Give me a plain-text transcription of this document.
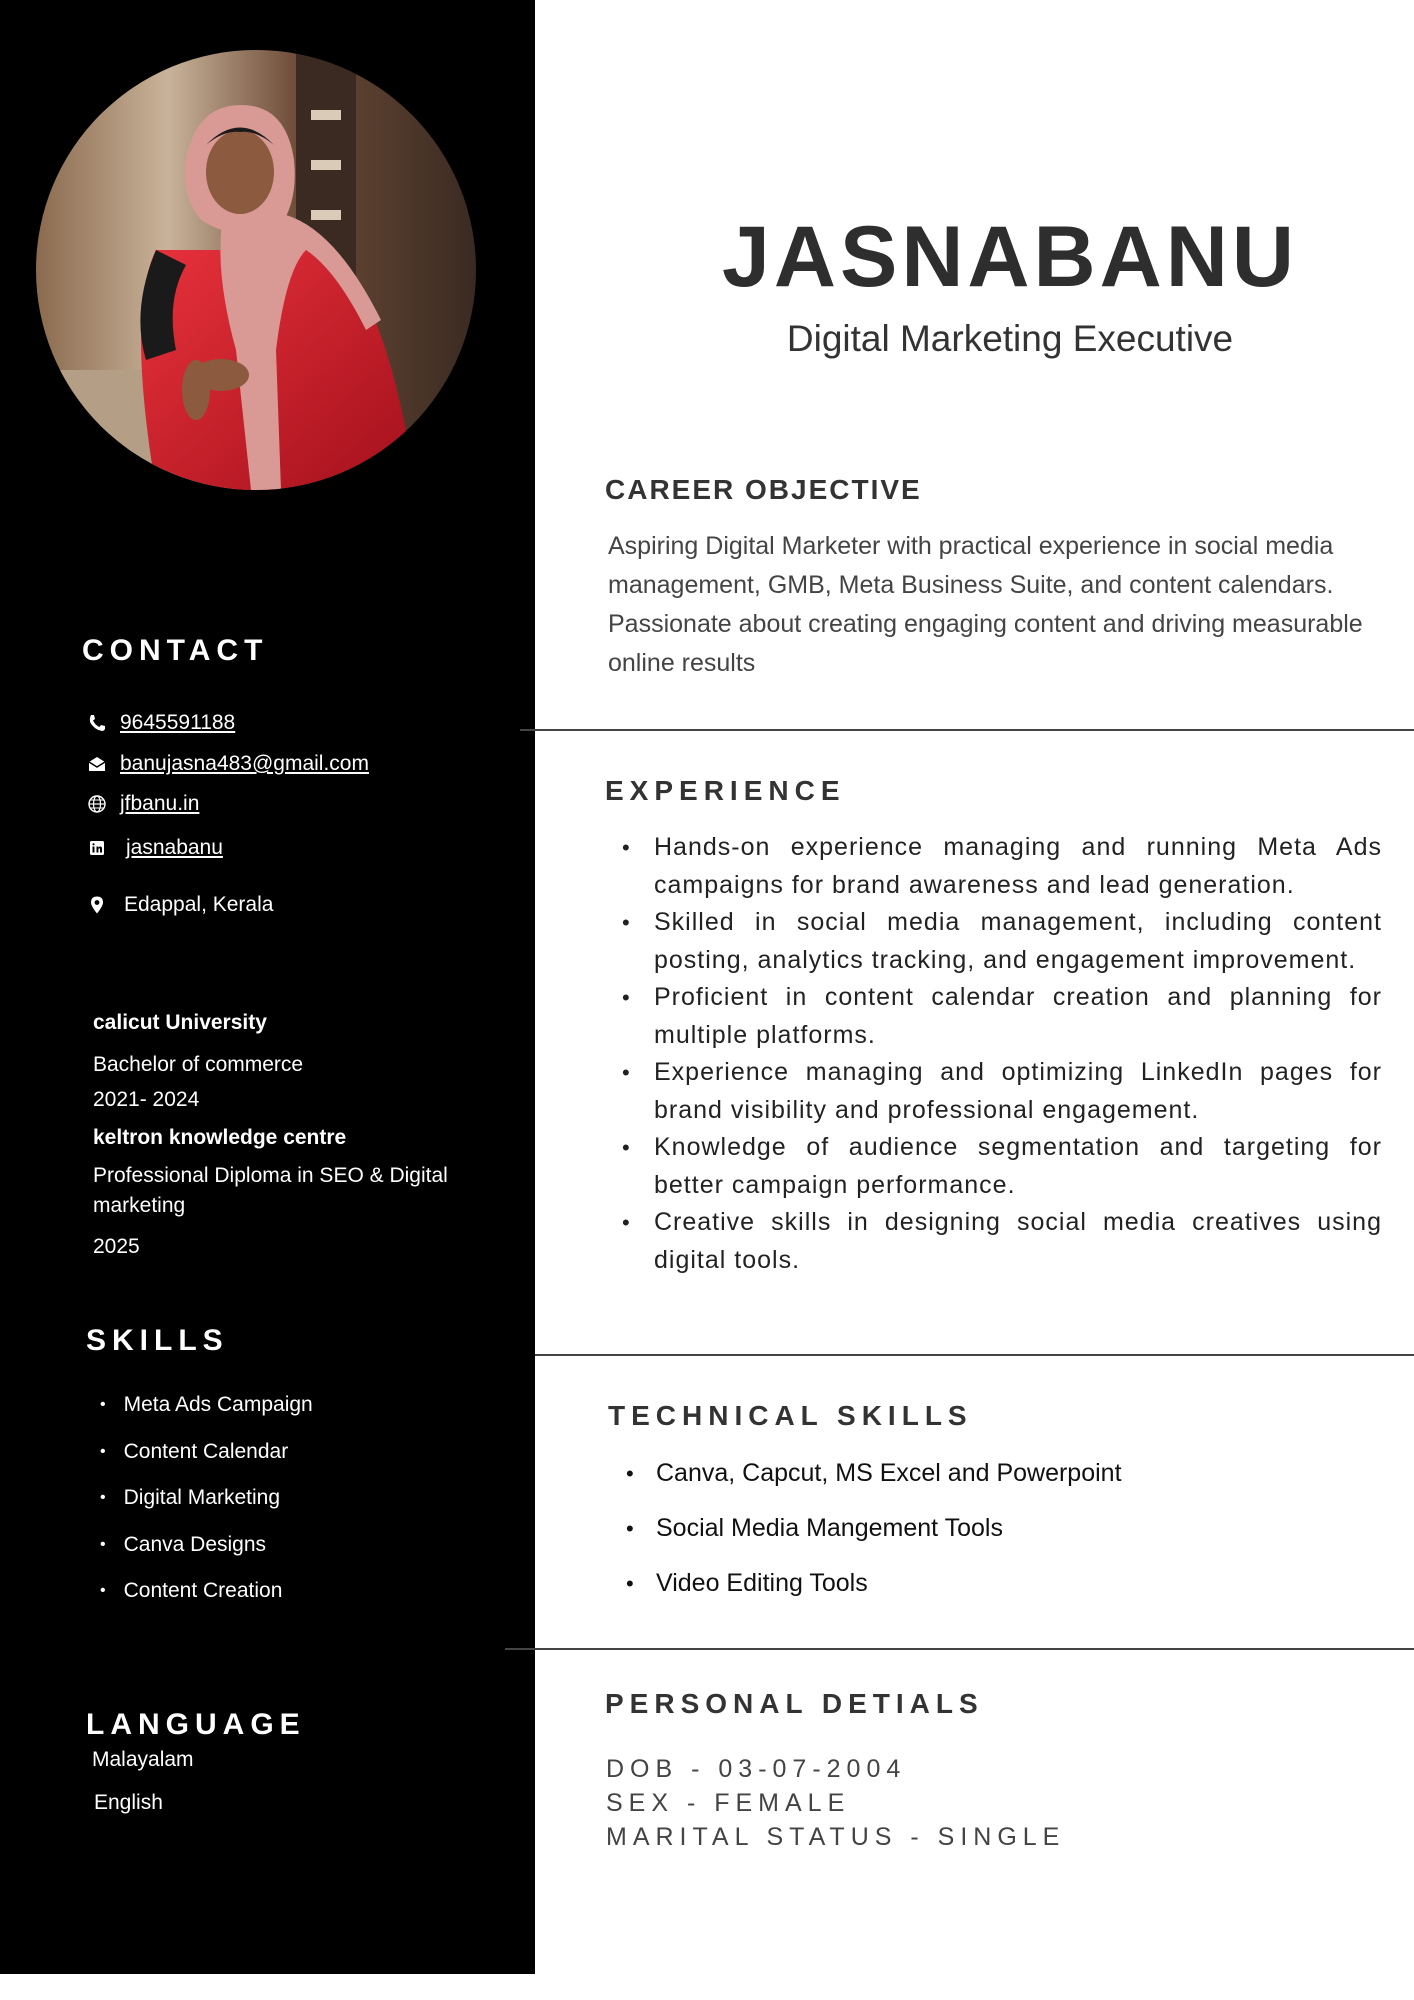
CONTACT
9645591188
banujasna483@gmail.com
jfbanu.in
jasnabanu
Edappal, Kerala
calicut University
Bachelor of commerce
2021- 2024
keltron knowledge centre
Professional Diploma in SEO & Digital marketing
2025
SKILLS
• Meta Ads Campaign
• Content Calendar
• Digital Marketing
• Canva Designs
• Content Creation
LANGUAGE
Malayalam
English
JASNABANU
Digital Marketing Executive
CAREER OBJECTIVE
Aspiring Digital Marketer with practical experience in social media management, GMB, Meta Business Suite, and content calendars. Passionate about creating engaging content and driving measurable online results
EXPERIENCE
• Hands-on experience managing and running Meta Ads campaigns for brand awareness and lead generation.
• Skilled in social media management, including content posting, analytics tracking, and engagement improvement.
• Proficient in content calendar creation and planning for multiple platforms.
• Experience managing and optimizing LinkedIn pages for brand visibility and professional engagement.
• Knowledge of audience segmentation and targeting for better campaign performance.
• Creative skills in designing social media creatives using digital tools.
TECHNICAL SKILLS
• Canva, Capcut, MS Excel and Powerpoint
• Social Media Mangement Tools
• Video Editing Tools
PERSONAL DETIALS
DOB - 03-07-2004
SEX - FEMALE
MARITAL STATUS - SINGLE
